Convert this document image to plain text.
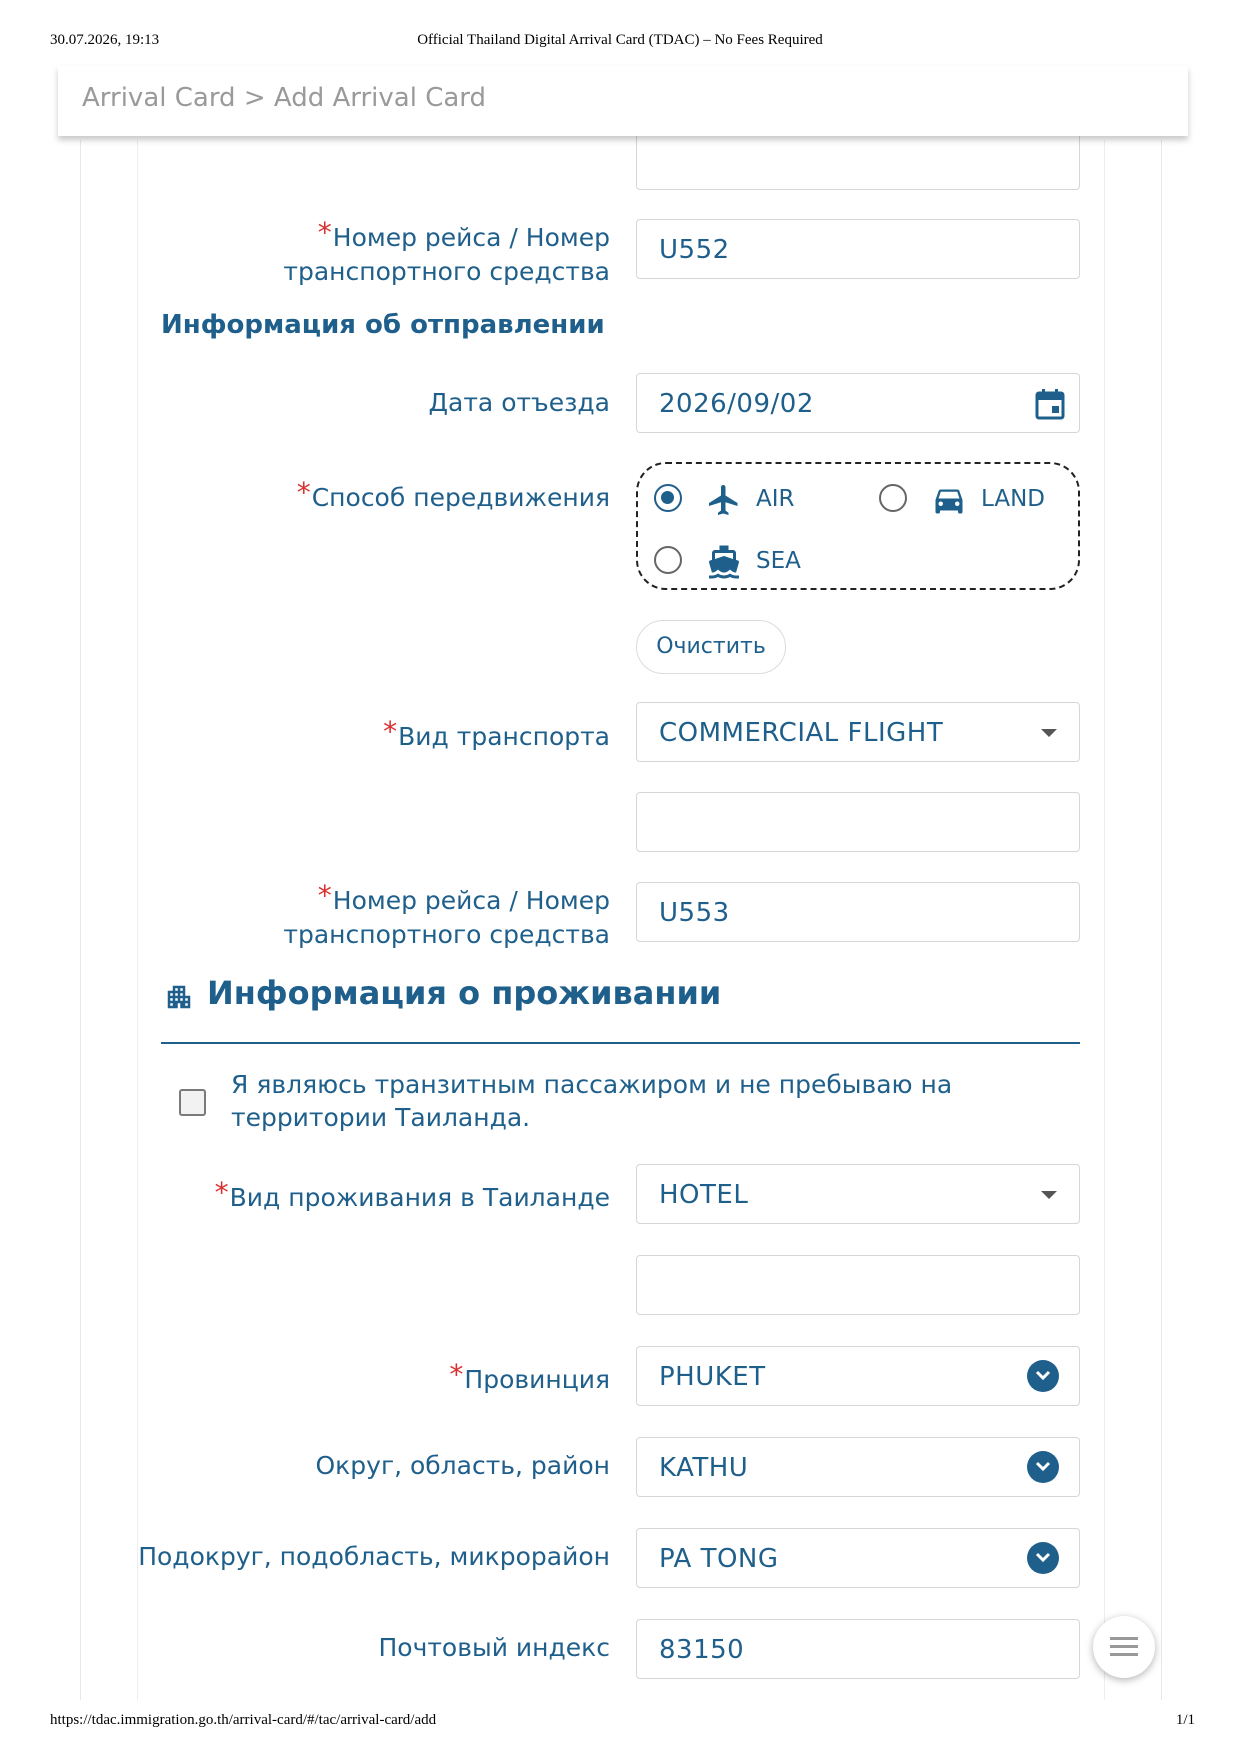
30.07.2026, 19:13	Official Thailand Digital Arrival Card (TDAC) – No Fees Required
Arrival Card > Add Arrival Card
*Номер рейса / Номер
транспортного средства
U552
Информация об отправлении
Дата отъезда 2026/09/02
*Способ передвижения	AIR	LAND
SEA
Очистить
*Вид транспорта COMMERCIAL FLIGHT
*Номер рейса / Номер
транспортного средства
U553
Информация о проживании
Я являюсь транзитным пассажиром и не пребываю на территории Таиланда.
*Вид проживания в Таиланде HOTEL
*Провинция PHUKET
Округ, область, район KATHU
Подокруг, подобласть, микрорайон PA TONG
Почтовый индекс 83150
https://tdac.immigration.go.th/arrival-card/#/tac/arrival-card/add	1/1
